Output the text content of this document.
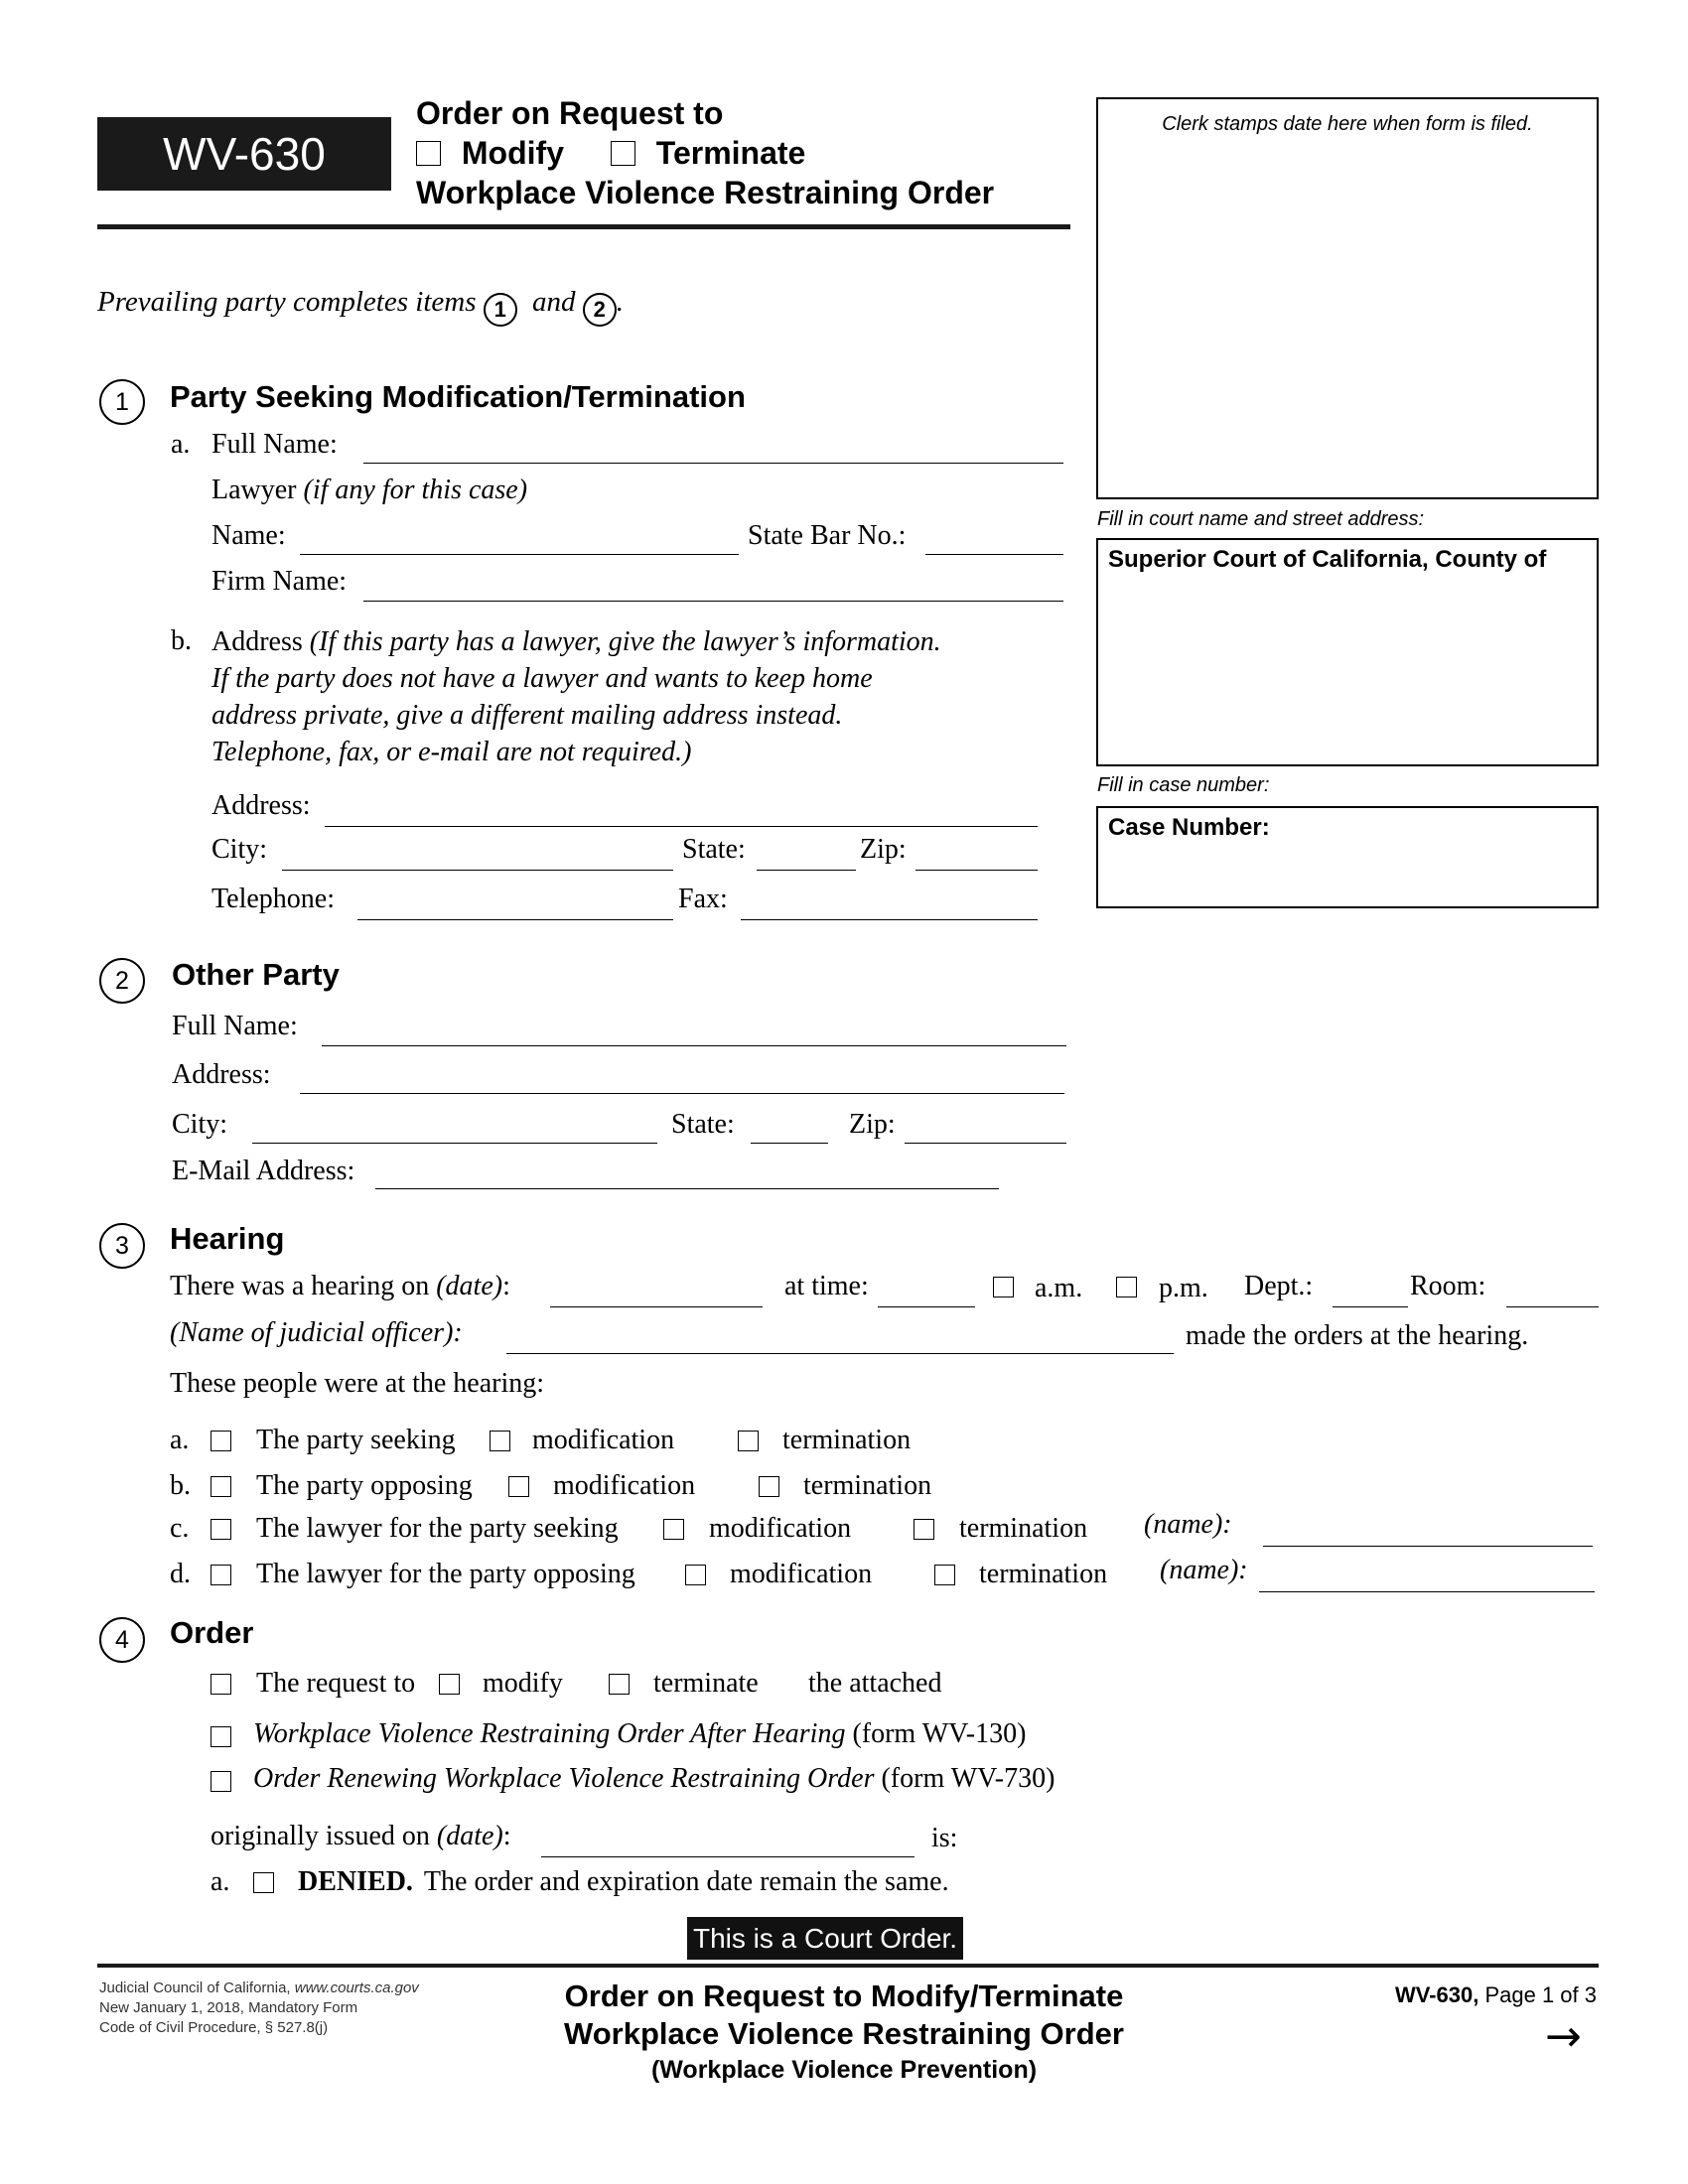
WV-630
Order on Request to
Modify	Terminate
Workplace Violence Restraining Order
Prevailing party completes items 1 and 2 .
Clerk stamps date here when form is filed.
Fill in court name and street address:
Superior Court of California, County of
Fill in case number:
Case Number:
1	Party Seeking Modification/Termination
a. Full Name:
Lawyer (if any for this case)
Name:	State Bar No.:
Firm Name:
b. Address (If this party has a lawyer, give the lawyer’s information.
If the party does not have a lawyer and wants to keep home
address private, give a different mailing address instead.
Telephone, fax, or e-mail are not required.)
Address:
City:	State:	Zip:
Telephone:	Fax:
2	Other Party
Full Name:
Address:
City:	State:	Zip:
E-Mail Address:
3	Hearing
There was a hearing on (date):	at time:	a.m.	p.m. Dept.:	Room:
(Name of judicial officer):	made the orders at the hearing.
These people were at the hearing:
a. The party seeking	modification	termination
b. The party opposing	modification	termination
c. The lawyer for the party seeking	modification	termination (name):
d. The lawyer for the party opposing	modification	termination (name):
4	Order
The request to modify	terminate the attached
Workplace Violence Restraining Order After Hearing (form WV-130)
Order Renewing Workplace Violence Restraining Order (form WV-730)
originally issued on (date):	is:
a. DENIED. The order and expiration date remain the same.
This is a Court Order.
Judicial Council of California, www.courts.ca.gov
New January 1, 2018, Mandatory Form
Code of Civil Procedure, § 527.8(j)
Order on Request to Modify/Terminate
Workplace Violence Restraining Order
(Workplace Violence Prevention)
WV-630, Page 1 of 3
→
